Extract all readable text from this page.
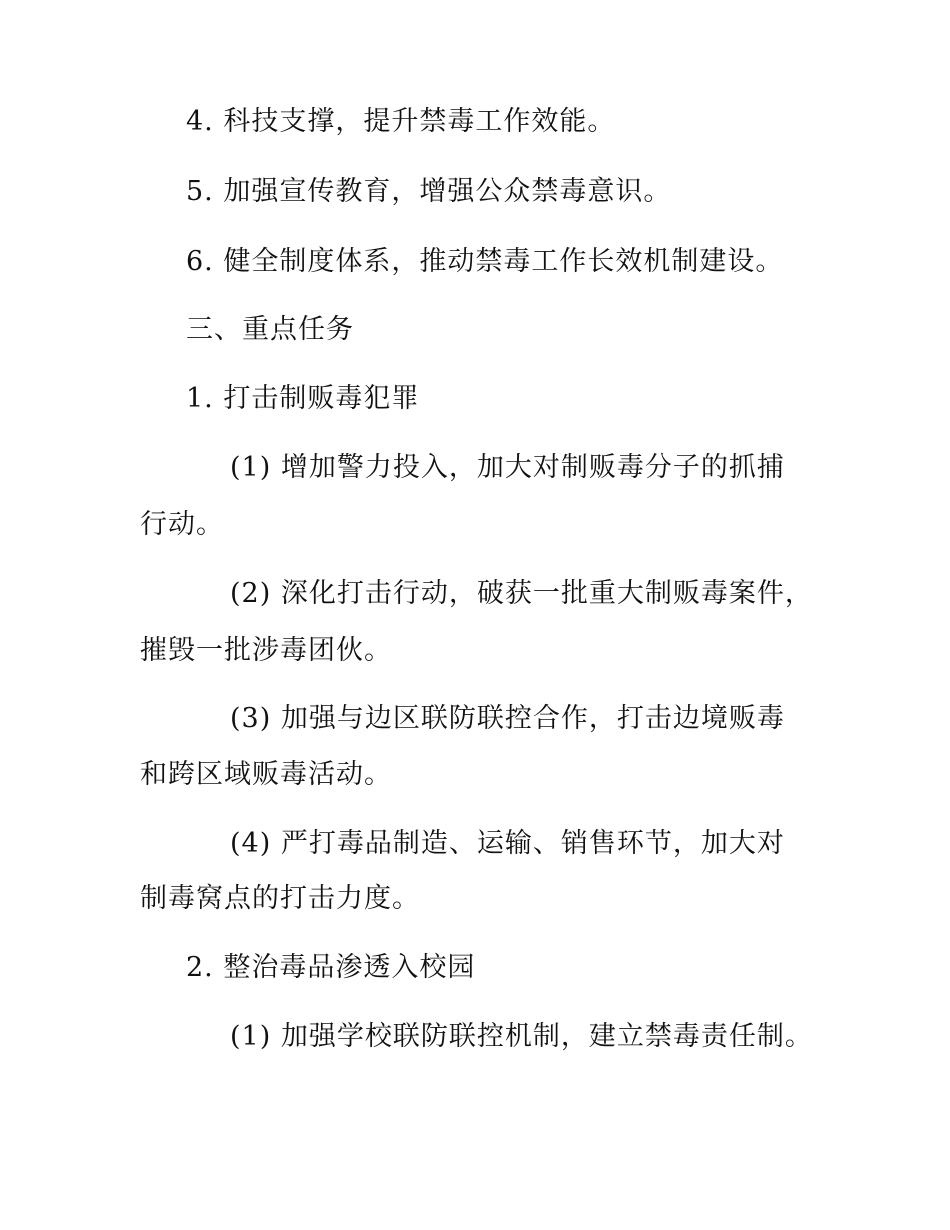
4. 科技支撑，提升禁毒工作效能。
5. 加强宣传教育，增强公众禁毒意识。
6. 健全制度体系，推动禁毒工作长效机制建设。
三、重点任务
1. 打击制贩毒犯罪
(1) 增加警力投入，加大对制贩毒分子的抓捕
行动。
(2) 深化打击行动，破获一批重大制贩毒案件，
摧毁一批涉毒团伙。
(3) 加强与边区联防联控合作，打击边境贩毒
和跨区域贩毒活动。
(4) 严打毒品制造、运输、销售环节，加大对
制毒窝点的打击力度。
2. 整治毒品渗透入校园
(1) 加强学校联防联控机制，建立禁毒责任制。
